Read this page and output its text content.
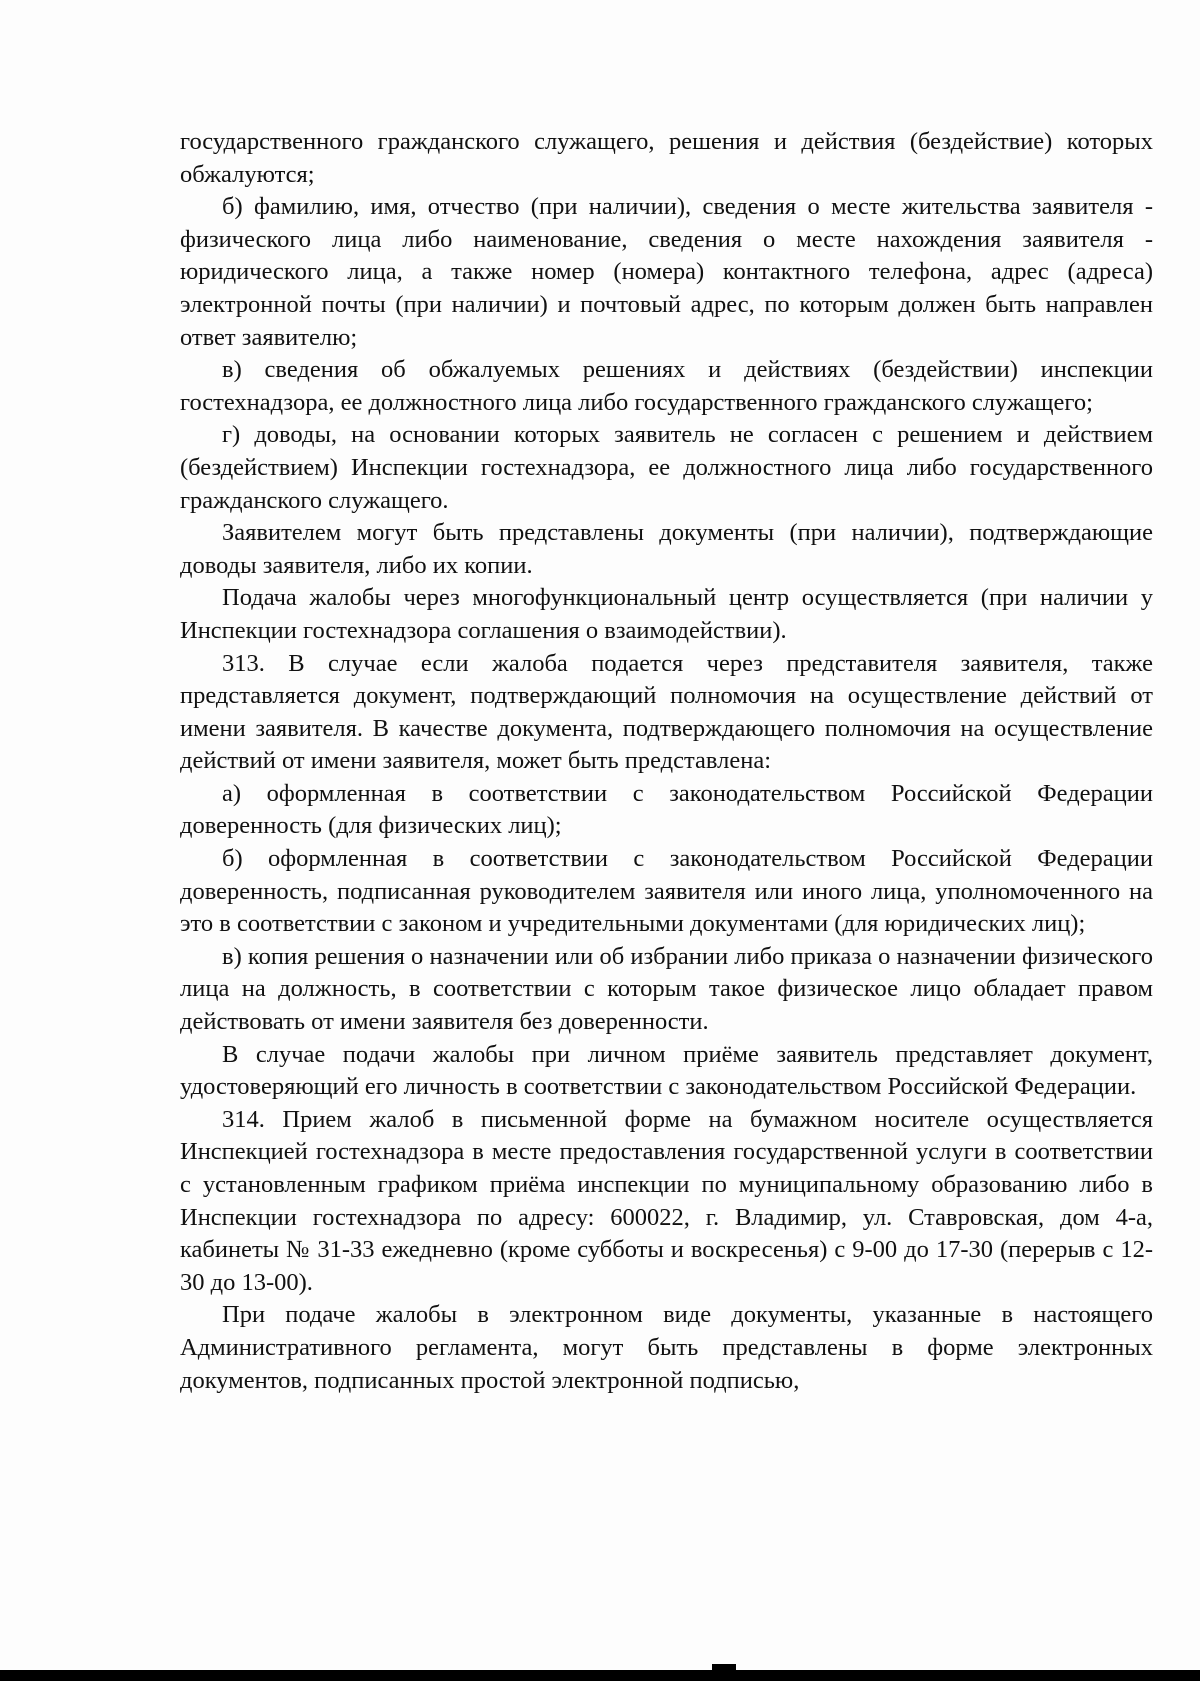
государственного гражданского служащего, решения и действия (бездействие) которых обжалуются;

б) фамилию, имя, отчество (при наличии), сведения о месте жительства заявителя - физического лица либо наименование, сведения о месте нахождения заявителя - юридического лица, а также номер (номера) контактного телефона, адрес (адреса) электронной почты (при наличии) и почтовый адрес, по которым должен быть направлен ответ заявителю;

в) сведения об обжалуемых решениях и действиях (бездействии) инспекции гостехнадзора, ее должностного лица либо государственного гражданского служащего;

г) доводы, на основании которых заявитель не согласен с решением и действием (бездействием) Инспекции гостехнадзора, ее должностного лица либо государственного гражданского служащего.

Заявителем могут быть представлены документы (при наличии), подтверждающие доводы заявителя, либо их копии.

Подача жалобы через многофункциональный центр осуществляется (при наличии у Инспекции гостехнадзора соглашения о взаимодействии).

313. В случае если жалоба подается через представителя заявителя, также представляется документ, подтверждающий полномочия на осуществление действий от имени заявителя. В качестве документа, подтверждающего полномочия на осуществление действий от имени заявителя, может быть представлена:

а) оформленная в соответствии с законодательством Российской Федерации доверенность (для физических лиц);

б) оформленная в соответствии с законодательством Российской Федерации доверенность, подписанная руководителем заявителя или иного лица, уполномоченного на это в соответствии с законом и учредительными документами (для юридических лиц);

в) копия решения о назначении или об избрании либо приказа о назначении физического лица на должность, в соответствии с которым такое физическое лицо обладает правом действовать от имени заявителя без доверенности.

В случае подачи жалобы при личном приёме заявитель представляет документ, удостоверяющий его личность в соответствии с законодательством Российской Федерации.

314. Прием жалоб в письменной форме на бумажном носителе осуществляется Инспекцией гостехнадзора в месте предоставления государственной услуги в соответствии с установленным графиком приёма инспекции по муниципальному образованию либо в Инспекции гостехнадзора по адресу: 600022, г. Владимир, ул. Ставровская, дом 4-а, кабинеты № 31-33 ежедневно (кроме субботы и воскресенья) с 9-00 до 17-30 (перерыв с 12-30 до 13-00).

При подаче жалобы в электронном виде документы, указанные в настоящего Административного регламента, могут быть представлены в форме электронных документов, подписанных простой электронной подписью,
